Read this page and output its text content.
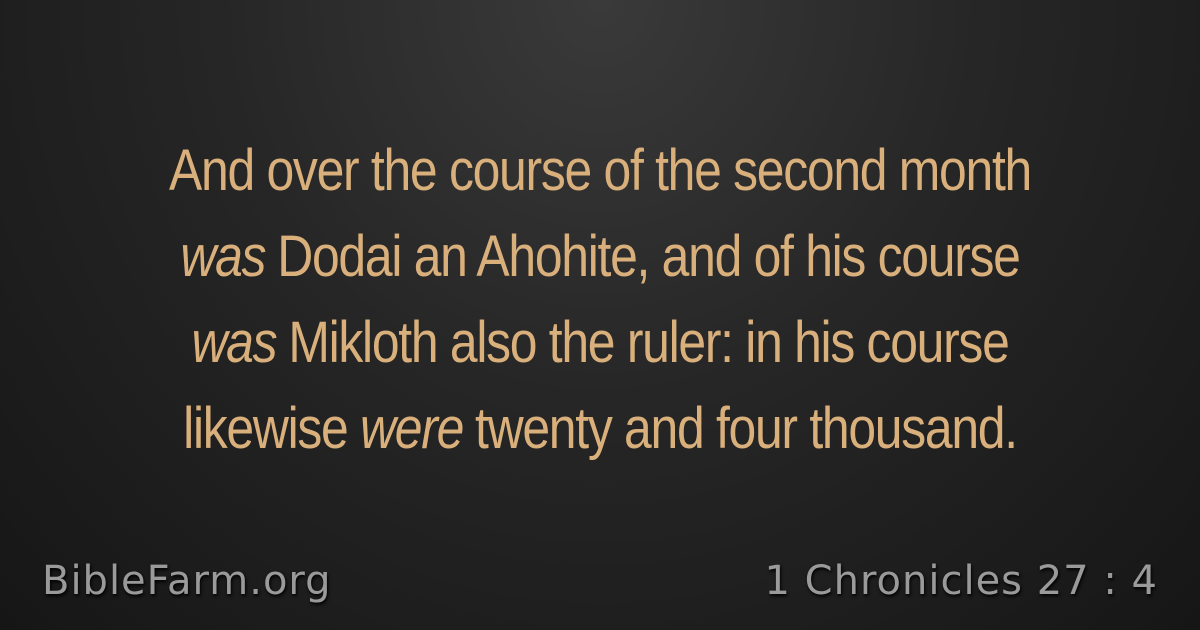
And over the course of the second month
was Dodai an Ahohite, and of his course
was Mikloth also the ruler: in his course
likewise were twenty and four thousand.
BibleFarm.org	1 Chronicles 27 : 4
